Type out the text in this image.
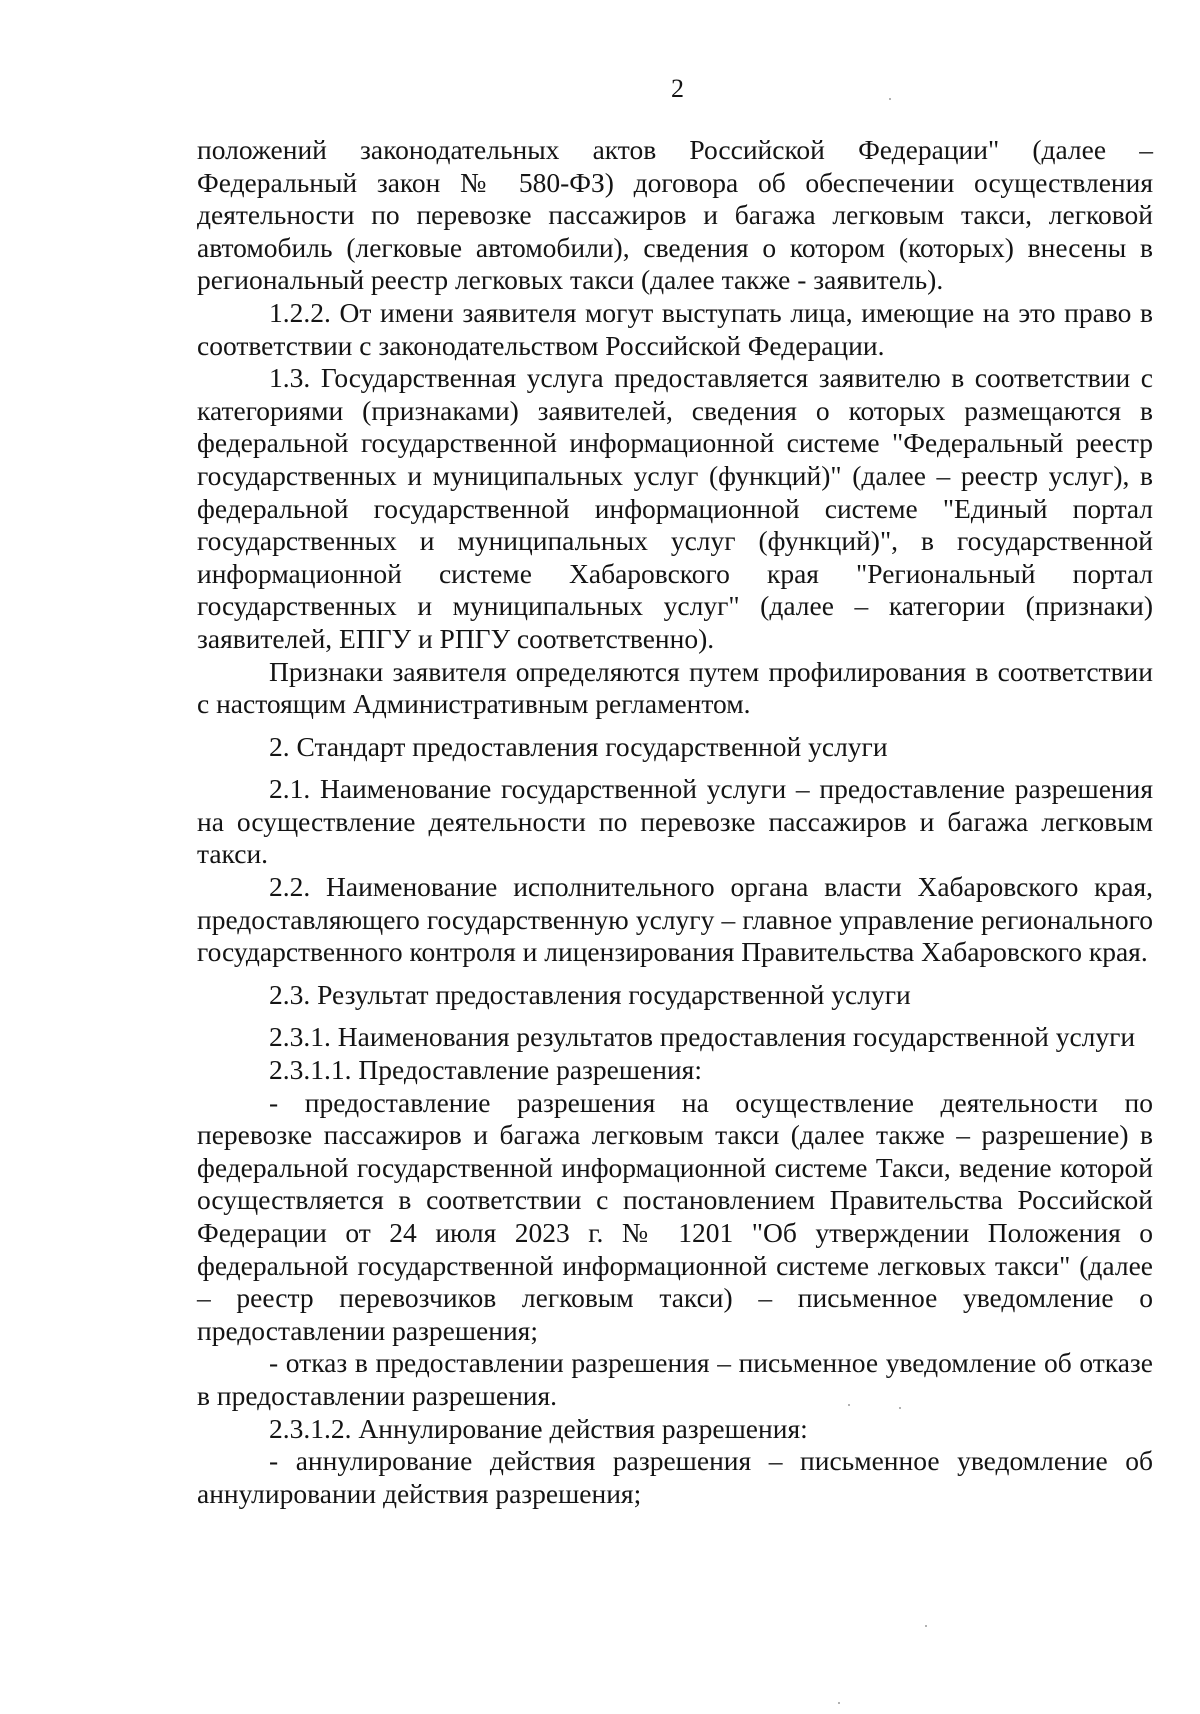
2

положений законодательных актов Российской Федерации" (далее – Федеральный закон № 580-ФЗ) договора об обеспечении осуществления деятельности по перевозке пассажиров и багажа легковым такси, легковой автомобиль (легковые автомобили), сведения о котором (которых) внесены в региональный реестр легковых такси (далее также - заявитель).

1.2.2. От имени заявителя могут выступать лица, имеющие на это право в соответствии с законодательством Российской Федерации.

1.3. Государственная услуга предоставляется заявителю в соответствии с категориями (признаками) заявителей, сведения о которых размещаются в федеральной государственной информационной системе "Федеральный реестр государственных и муниципальных услуг (функций)" (далее – реестр услуг), в федеральной государственной информационной системе "Единый портал государственных и муниципальных услуг (функций)", в государственной информационной системе Хабаровского края "Региональный портал государственных и муниципальных услуг" (далее – категории (признаки) заявителей, ЕПГУ и РПГУ соответственно).

Признаки заявителя определяются путем профилирования в соответствии с настоящим Административным регламентом.

2. Стандарт предоставления государственной услуги

2.1. Наименование государственной услуги – предоставление разрешения на осуществление деятельности по перевозке пассажиров и багажа легковым такси.

2.2. Наименование исполнительного органа власти Хабаровского края, предоставляющего государственную услугу – главное управление регионального государственного контроля и лицензирования Правительства Хабаровского края.

2.3. Результат предоставления государственной услуги

2.3.1. Наименования результатов предоставления государственной услуги

2.3.1.1. Предоставление разрешения:

- предоставление разрешения на осуществление деятельности по перевозке пассажиров и багажа легковым такси (далее также – разрешение) в федеральной государственной информационной системе Такси, ведение которой осуществляется в соответствии с постановлением Правительства Российской Федерации от 24 июля 2023 г. № 1201 "Об утверждении Положения о федеральной государственной информационной системе легковых такси" (далее – реестр перевозчиков легковым такси) – письменное уведомление о предоставлении разрешения;

- отказ в предоставлении разрешения – письменное уведомление об отказе в предоставлении разрешения.

2.3.1.2. Аннулирование действия разрешения:

- аннулирование действия разрешения – письменное уведомление об аннулировании действия разрешения;
